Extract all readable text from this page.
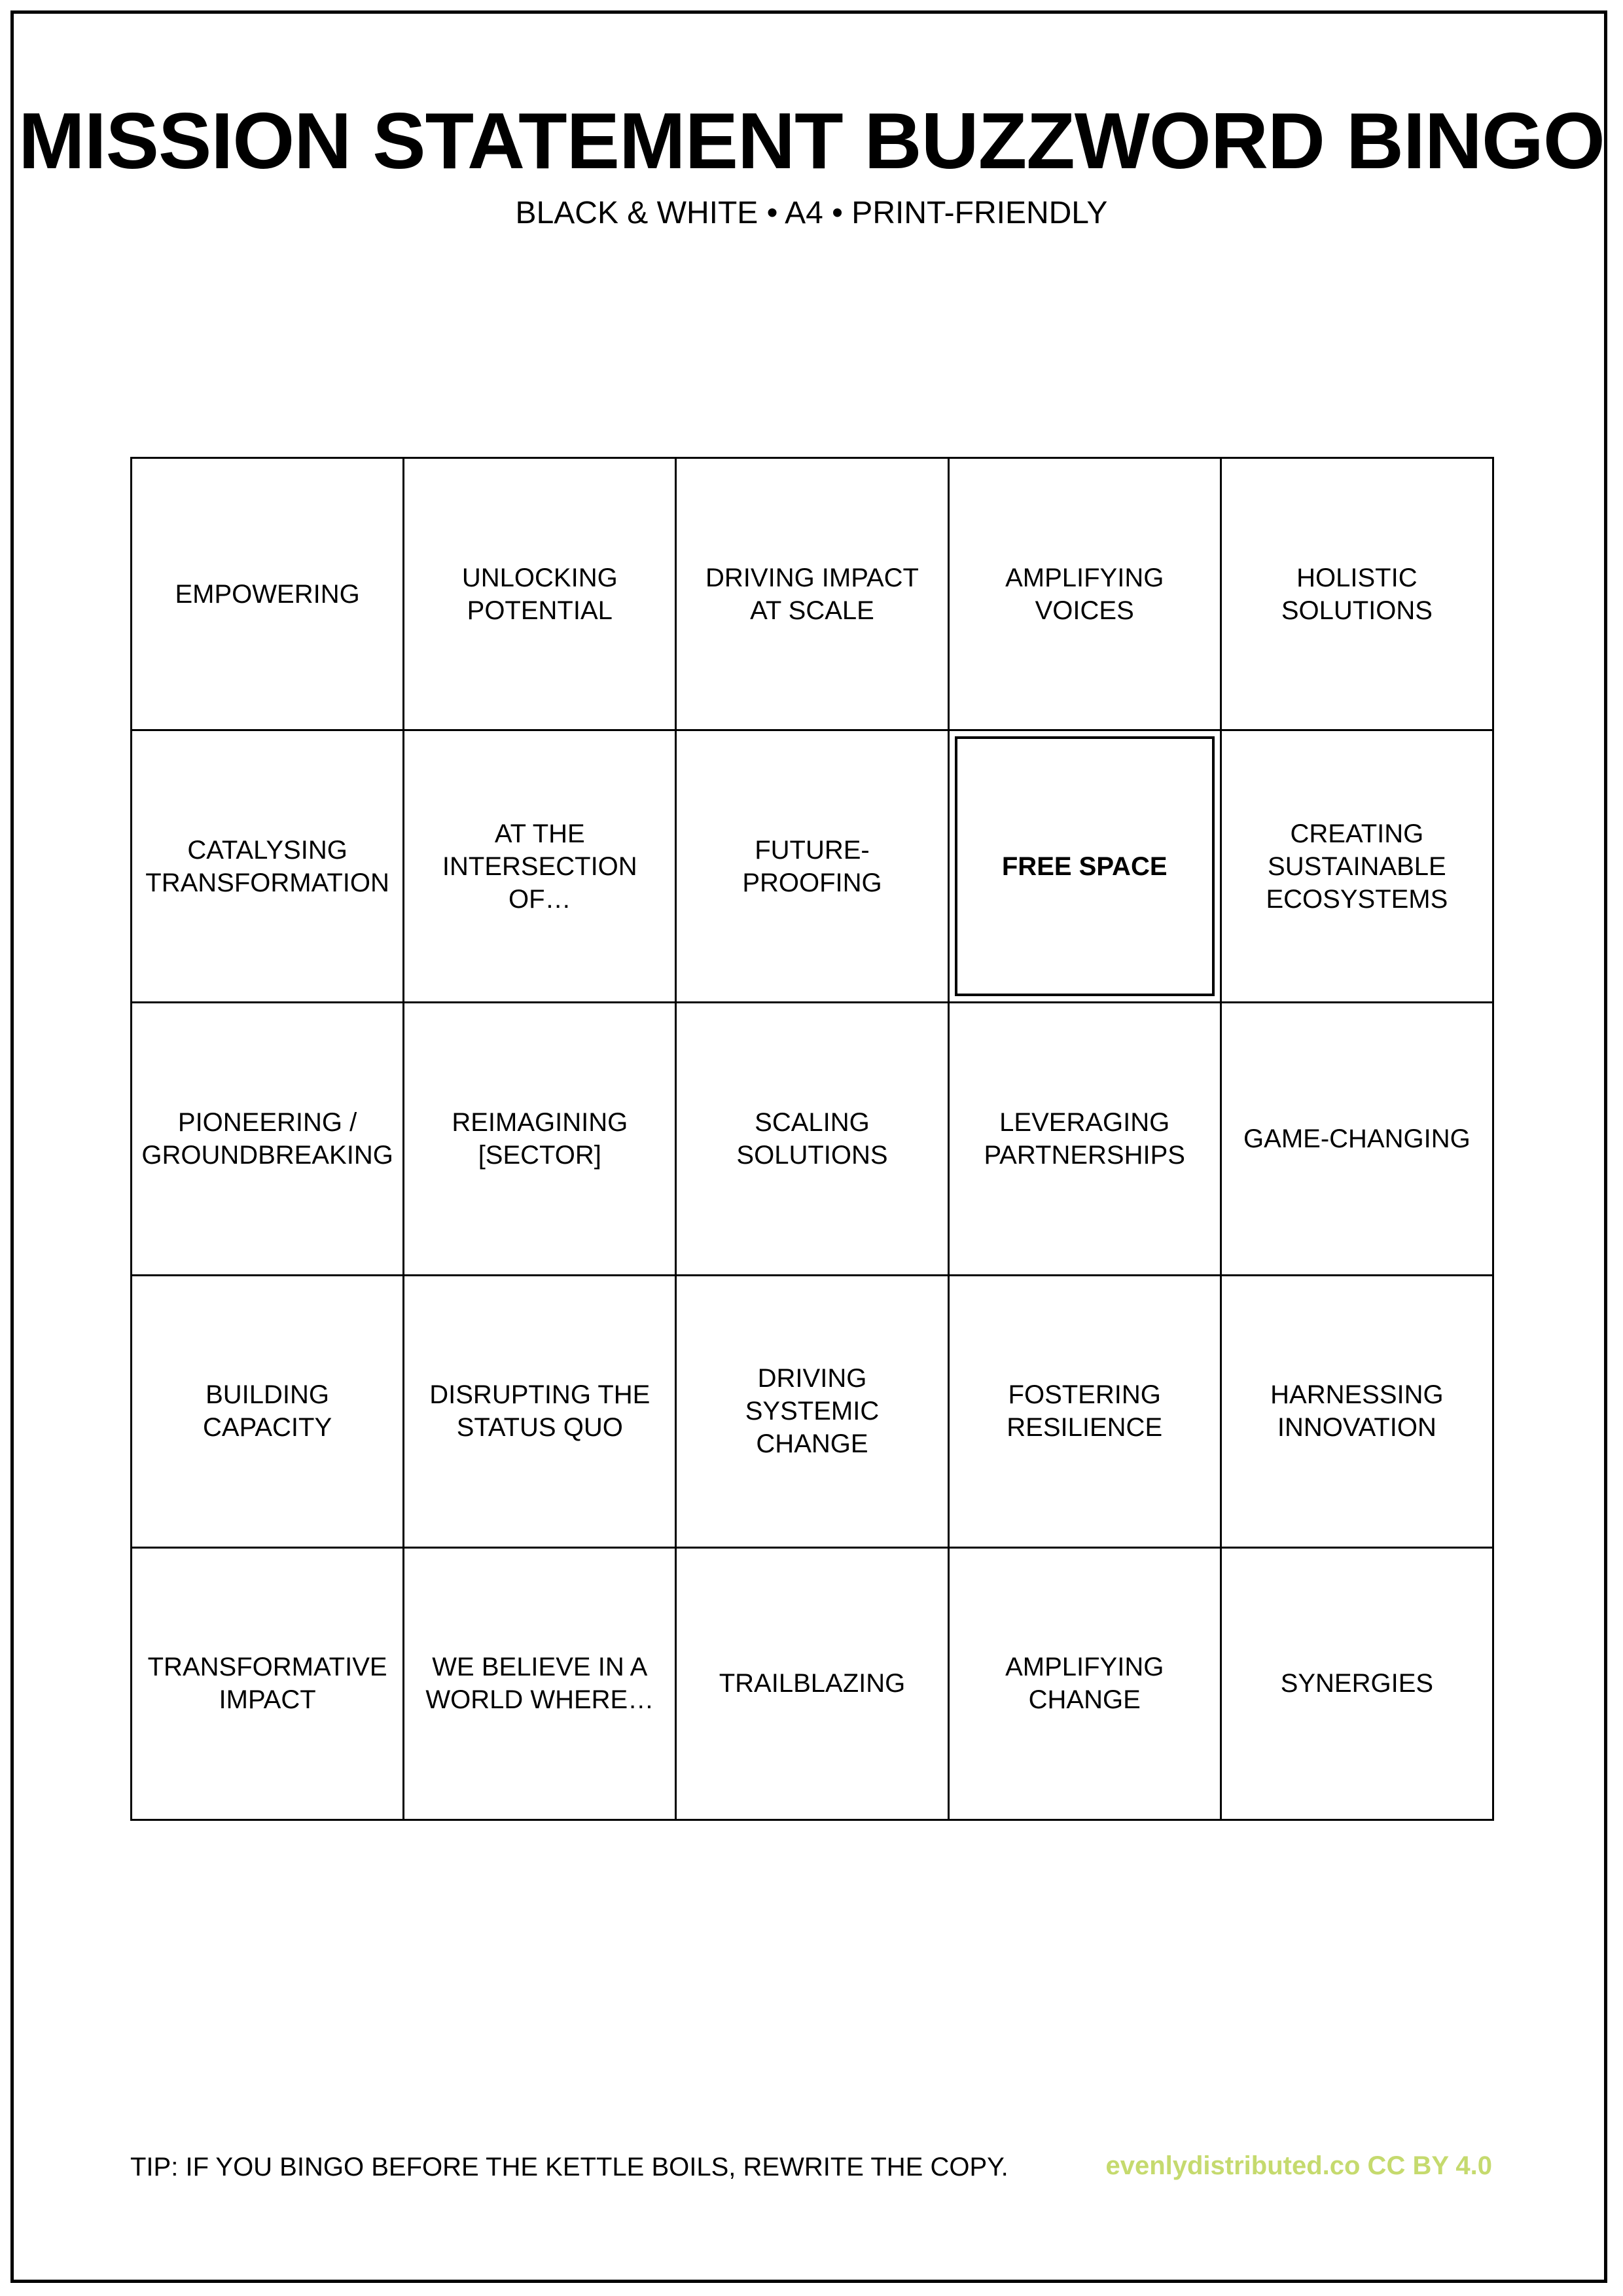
MISSION STATEMENT BUZZWORD BINGO
BLACK & WHITE • A4 • PRINT-FRIENDLY
EMPOWERING
UNLOCKING
POTENTIAL
DRIVING IMPACT
AT SCALE
AMPLIFYING
VOICES
HOLISTIC
SOLUTIONS
CATALYSING
TRANSFORMATION
AT THE
INTERSECTION
OF…
FUTURE-PROOFING
FREE SPACE
CREATING
SUSTAINABLE
ECOSYSTEMS
PIONEERING /
GROUNDBREAKING
REIMAGINING
[SECTOR]
SCALING
SOLUTIONS
LEVERAGING
PARTNERSHIPS
GAME-CHANGING
BUILDING
CAPACITY
DISRUPTING THE
STATUS QUO
DRIVING
SYSTEMIC
CHANGE
FOSTERING
RESILIENCE
HARNESSING
INNOVATION
TRANSFORMATIVE
IMPACT
WE BELIEVE IN A
WORLD WHERE…
TRAILBLAZING
AMPLIFYING
CHANGE
SYNERGIES
TIP: IF YOU BINGO BEFORE THE KETTLE BOILS, REWRITE THE COPY.	evenlydistributed.co CC BY 4.0
